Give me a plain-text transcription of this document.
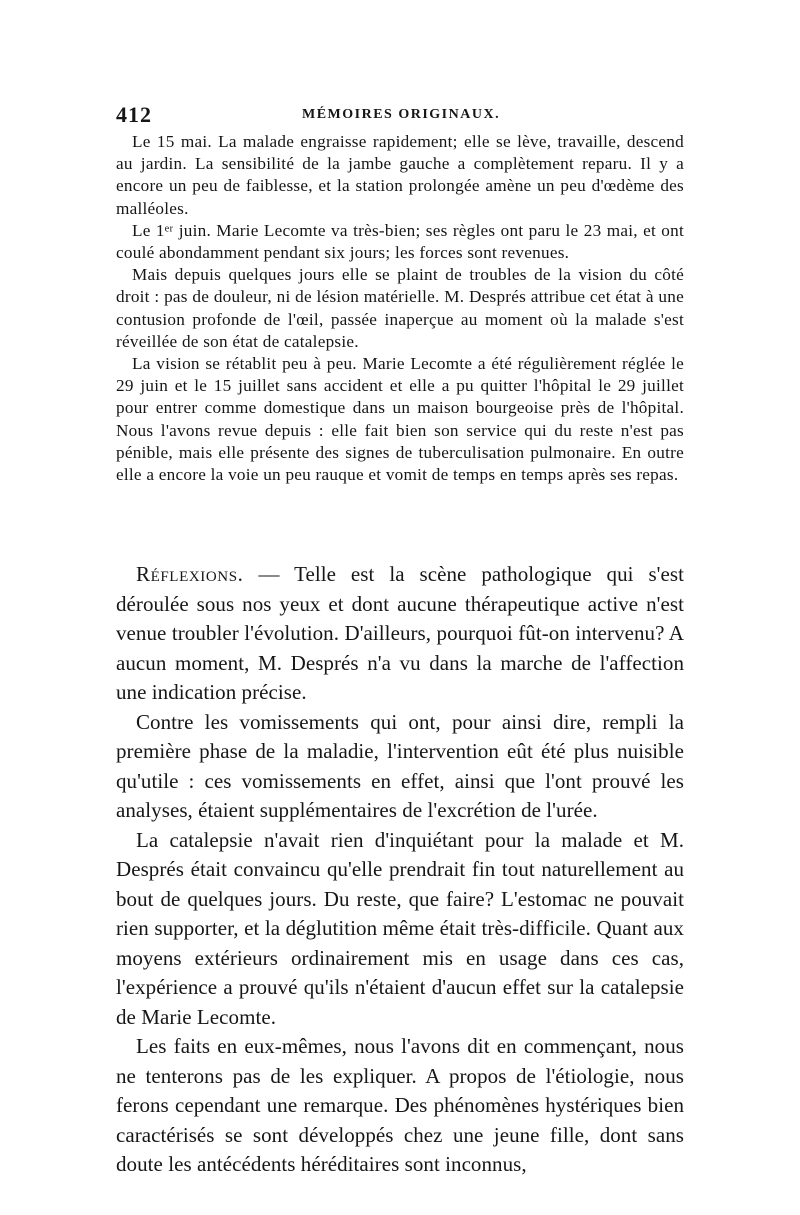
412	MÉMOIRES ORIGINAUX.

Le 15 mai. La malade engraisse rapidement; elle se lève, travaille, descend au jardin. La sensibilité de la jambe gauche a complètement reparu. Il y a encore un peu de faiblesse, et la station prolongée amène un peu d'œdème des malléoles.

Le 1ᵉʳ juin. Marie Lecomte va très-bien; ses règles ont paru le 23 mai, et ont coulé abondamment pendant six jours; les forces sont revenues.

Mais depuis quelques jours elle se plaint de troubles de la vision du côté droit : pas de douleur, ni de lésion matérielle. M. Després attribue cet état à une contusion profonde de l'œil, passée inaperçue au moment où la malade s'est réveillée de son état de catalepsie.

La vision se rétablit peu à peu. Marie Lecomte a été régulièrement réglée le 29 juin et le 15 juillet sans accident et elle a pu quitter l'hôpital le 29 juillet pour entrer comme domestique dans un maison bourgeoise près de l'hôpital. Nous l'avons revue depuis : elle fait bien son service qui du reste n'est pas pénible, mais elle présente des signes de tuberculisation pulmonaire. En outre elle a encore la voie un peu rauque et vomit de temps en temps après ses repas.

Réflexions. — Telle est la scène pathologique qui s'est déroulée sous nos yeux et dont aucune thérapeutique active n'est venue troubler l'évolution. D'ailleurs, pourquoi fût-on intervenu? A aucun moment, M. Després n'a vu dans la marche de l'affection une indication précise.

Contre les vomissements qui ont, pour ainsi dire, rempli la première phase de la maladie, l'intervention eût été plus nuisible qu'utile : ces vomissements en effet, ainsi que l'ont prouvé les analyses, étaient supplémentaires de l'excrétion de l'urée.

La catalepsie n'avait rien d'inquiétant pour la malade et M. Després était convaincu qu'elle prendrait fin tout naturellement au bout de quelques jours. Du reste, que faire? L'estomac ne pouvait rien supporter, et la déglutition même était très-difficile. Quant aux moyens extérieurs ordinairement mis en usage dans ces cas, l'expérience a prouvé qu'ils n'étaient d'aucun effet sur la catalepsie de Marie Lecomte.

Les faits en eux-mêmes, nous l'avons dit en commençant, nous ne tenterons pas de les expliquer. A propos de l'étiologie, nous ferons cependant une remarque. Des phénomènes hystériques bien caractérisés se sont développés chez une jeune fille, dont sans doute les antécédents héréditaires sont inconnus,
